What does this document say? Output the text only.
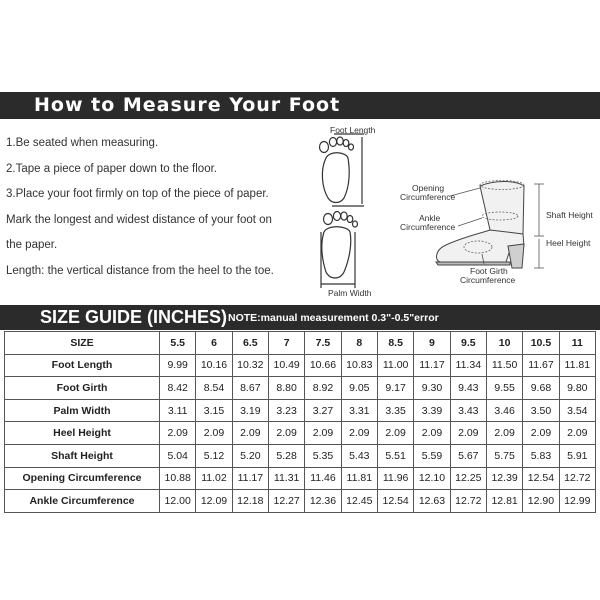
How to Measure Your Foot
1.Be seated when measuring.
2.Tape a piece of paper down to the floor.
3.Place your foot firmly on top of the piece of paper.
Mark the longest and widest distance of your foot on
the paper.
Length: the vertical distance from the heel to the toe.
Foot Length
Palm Width
Opening
Circumference
Ankle
Circumference
Foot Girth
Circumference
Shaft Height
Heel Height
SIZE GUIDE (INCHES) NOTE:manual measurement 0.3"-0.5"error
SIZE	5.5	6	6.5	7	7.5	8	8.5	9	9.5	10	10.5	11
Foot Length	9.99	10.16	10.32	10.49	10.66	10.83	11.00	11.17	11.34	11.50	11.67	11.81
Foot Girth	8.42	8.54	8.67	8.80	8.92	9.05	9.17	9.30	9.43	9.55	9.68	9.80
Palm Width	3.11	3.15	3.19	3.23	3.27	3.31	3.35	3.39	3.43	3.46	3.50	3.54
Heel Height	2.09	2.09	2.09	2.09	2.09	2.09	2.09	2.09	2.09	2.09	2.09	2.09
Shaft Height	5.04	5.12	5.20	5.28	5.35	5.43	5.51	5.59	5.67	5.75	5.83	5.91
Opening Circumference	10.88	11.02	11.17	11.31	11.46	11.81	11.96	12.10	12.25	12.39	12.54	12.72
Ankle Circumference	12.00	12.09	12.18	12.27	12.36	12.45	12.54	12.63	12.72	12.81	12.90	12.99
